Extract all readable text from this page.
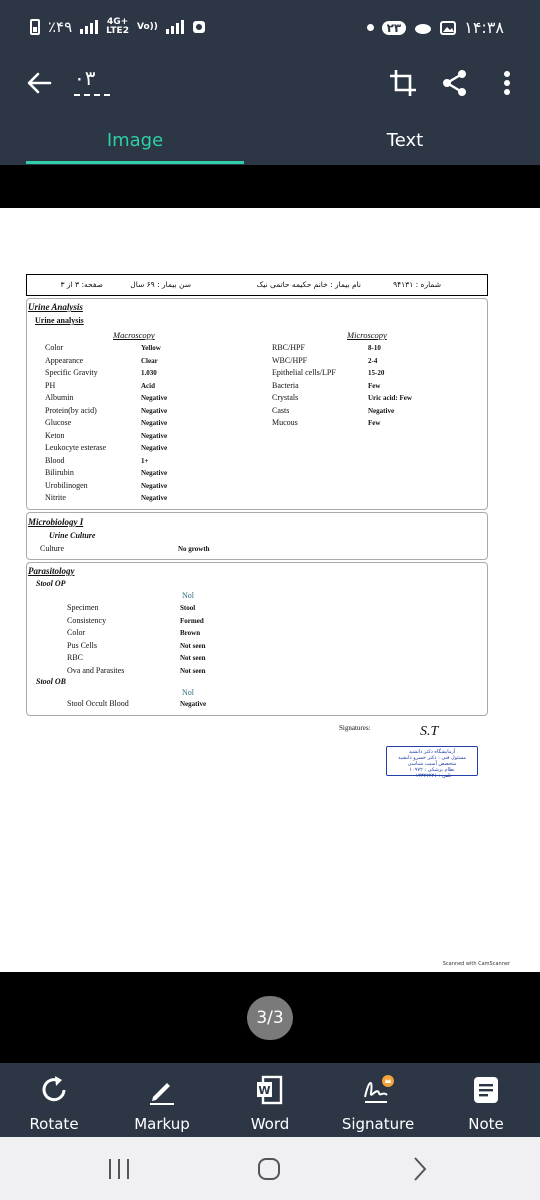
٪۴۹	4G+
LTE2 Vo))	۲۳	۱۴:۳۸
۰۳
Image	Text
شماره : ۹۴۱۳۱
نام بیمار : خانم حکیمه حاتمی نیک
سن بیمار : ۶۹ سال
صفحه: ۳ از ۳
Urine Analysis
Urine analysis
Macroscopy	Microscopy
Color	Yellow
Appearance	Clear
Specific Gravity	1.030
PH	Acid
Albumin	Negative
Protein(by acid)	Negative
Glucose	Negative
Keton	Negative
Leukocyte esterase	Negative
Blood	1+
Bilirubin	Negative
Urobilinogen	Negative
Nitrite	Negative
RBC/HPF	8-10
WBC/HPF	2-4
Epithelial cells/LPF	15-20
Bacteria	Few
Crystals	Uric acid: Few
Casts	Negative
Mucous	Few
Microbiology I
Urine Culture
Culture	No growth
Parasitology
Stool OP
Nol
Specimen	Stool
Consistency	Formed
Color	Brown
Pus Cells	Not seen
RBC	Not seen
Ova and Parasites	Not seen
Stool OB
Nol
Stool Occult Blood	Negative
Signatures:	S.T
آزمایشگاه دکتر دانشید
مسئول فنی : دکتر خسرو دانشید
متخصص آسیب شناسی
نظام پزشکی : ۱۰۹۷۲
تلفن : ۰۱۳۳۲۲۲۲۱
Scanned with CamScanner
3/3
Rotate	Markup
W
Word	Signature	Note
